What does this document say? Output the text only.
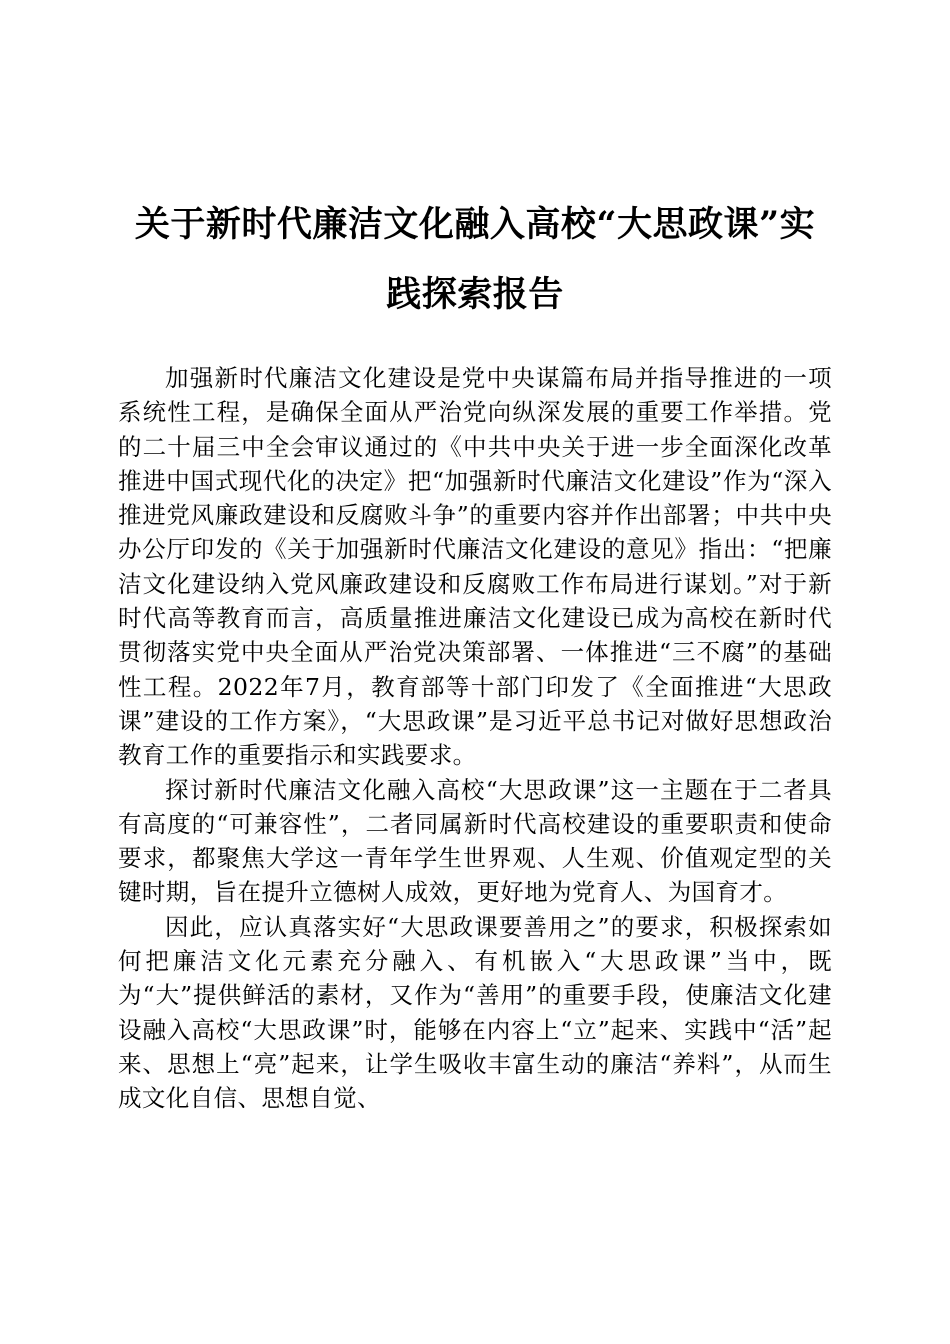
关于新时代廉洁文化融入高校“大思政课”实践探索报告

加强新时代廉洁文化建设是党中央谋篇布局并指导推进的一项系统性工程，是确保全面从严治党向纵深发展的重要工作举措。党的二十届三中全会审议通过的《中共中央关于进一步全面深化改革推进中国式现代化的决定》把“加强新时代廉洁文化建设”作为“深入推进党风廉政建设和反腐败斗争”的重要内容并作出部署；中共中央办公厅印发的《关于加强新时代廉洁文化建设的意见》指出：“把廉洁文化建设纳入党风廉政建设和反腐败工作布局进行谋划。”对于新时代高等教育而言，高质量推进廉洁文化建设已成为高校在新时代贯彻落实党中央全面从严治党决策部署、一体推进“三不腐”的基础性工程。2022年7月，教育部等十部门印发了《全面推进“大思政课”建设的工作方案》，“大思政课”是习近平总书记对做好思想政治教育工作的重要指示和实践要求。

探讨新时代廉洁文化融入高校“大思政课”这一主题在于二者具有高度的“可兼容性”，二者同属新时代高校建设的重要职责和使命要求，都聚焦大学这一青年学生世界观、人生观、价值观定型的关键时期，旨在提升立德树人成效，更好地为党育人、为国育才。

因此，应认真落实好“大思政课要善用之”的要求，积极探索如何把廉洁文化元素充分融入、有机嵌入“大思政课”当中，既为“大”提供鲜活的素材，又作为“善用”的重要手段，使廉洁文化建设融入高校“大思政课”时，能够在内容上“立”起来、实践中“活”起来、思想上“亮”起来，让学生吸收丰富生动的廉洁“养料”，从而生成文化自信、思想自觉、
